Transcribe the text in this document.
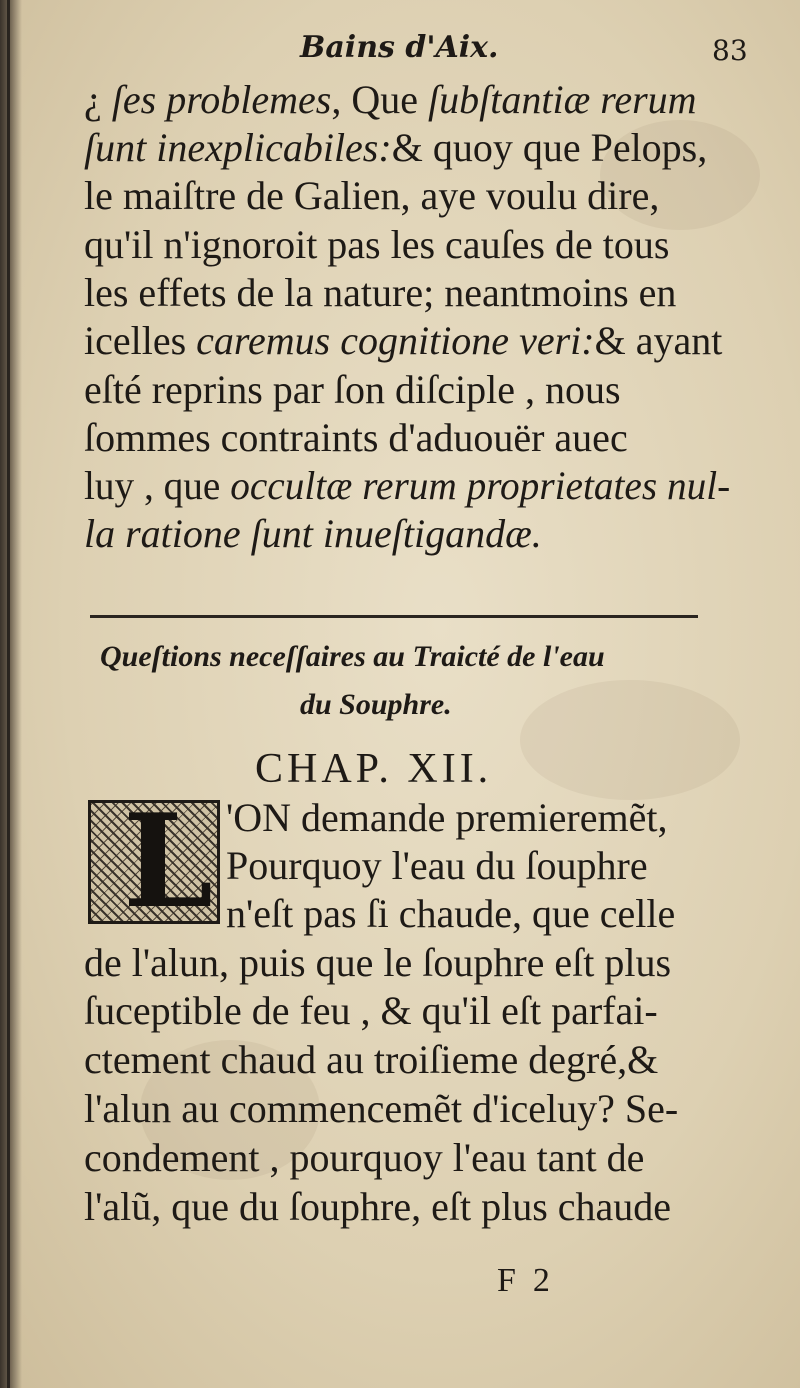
Bains d'Aix.	83
¿ ſes problemes, Que ſubſtantiæ rerum
ſunt inexplicabiles:& quoy que Pelops,
le maiſtre de Galien, aye voulu dire,
qu'il n'ignoroit pas les cauſes de tous
les effets de la nature; neantmoins en
icelles caremus cognitione veri:& ayant
eſté reprins par ſon diſciple , nous
ſommes contraints d'aduouër auec
luy , que occultæ rerum proprietates nul-
la ratione ſunt inueſtigandæ.
Queſtions neceſſaires au Traicté de l'eau
du Souphre.
CHAP. XII.
L 'ON demande premieremẽt,
Pourquoy l'eau du ſouphre
n'eſt pas ſi chaude, que celle
de l'alun, puis que le ſouphre eſt plus
ſuceptible de feu , & qu'il eſt parfai-
ctement chaud au troiſieme degré,&
l'alun au commencemẽt d'iceluy? Se-
condement , pourquoy l'eau tant de
l'alũ, que du ſouphre, eſt plus chaude
F  2
